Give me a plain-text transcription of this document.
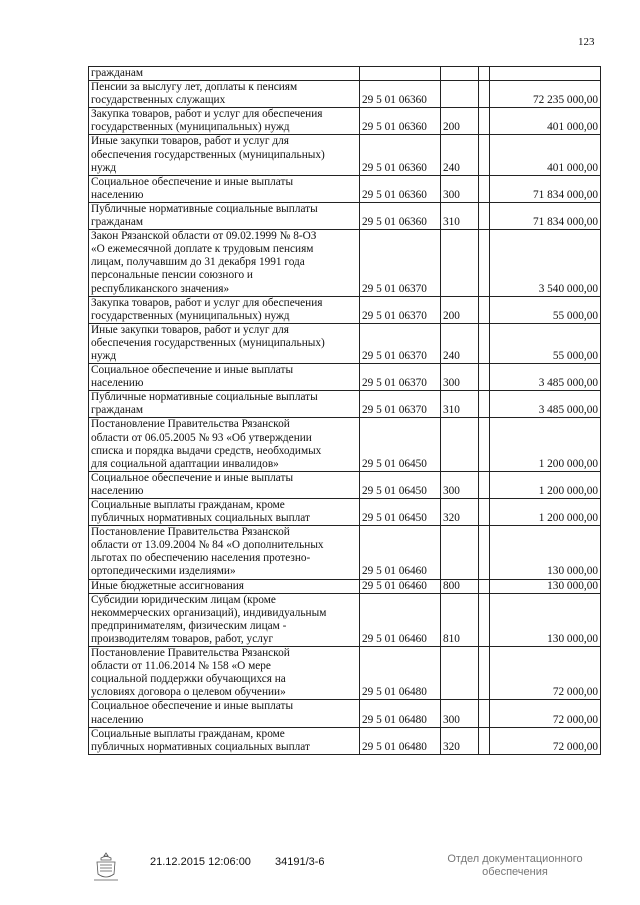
123
гражданам				
Пенсии за выслугу лет, доплаты к пенсиям
государственных служащих	29 5 01 06360			72 235 000,00
Закупка товаров, работ и услуг для обеспечения
государственных (муниципальных) нужд	29 5 01 06360	200		401 000,00
Иные закупки товаров, работ и услуг для
обеспечения государственных (муниципальных)
нужд	29 5 01 06360	240		401 000,00
Социальное обеспечение и иные выплаты
населению	29 5 01 06360	300		71 834 000,00
Публичные нормативные социальные выплаты
гражданам	29 5 01 06360	310		71 834 000,00
Закон Рязанской области от 09.02.1999 № 8-ОЗ
«О ежемесячной доплате к трудовым пенсиям
лицам, получавшим до 31 декабря 1991 года
персональные пенсии союзного и
республиканского значения»	29 5 01 06370			3 540 000,00
Закупка товаров, работ и услуг для обеспечения
государственных (муниципальных) нужд	29 5 01 06370	200		55 000,00
Иные закупки товаров, работ и услуг для
обеспечения государственных (муниципальных)
нужд	29 5 01 06370	240		55 000,00
Социальное обеспечение и иные выплаты
населению	29 5 01 06370	300		3 485 000,00
Публичные нормативные социальные выплаты
гражданам	29 5 01 06370	310		3 485 000,00
Постановление Правительства Рязанской
области от 06.05.2005 № 93 «Об утверждении
списка и порядка выдачи средств, необходимых
для социальной адаптации инвалидов»	29 5 01 06450			1 200 000,00
Социальное обеспечение и иные выплаты
населению	29 5 01 06450	300		1 200 000,00
Социальные выплаты гражданам, кроме
публичных нормативных социальных выплат	29 5 01 06450	320		1 200 000,00
Постановление Правительства Рязанской
области от 13.09.2004 № 84 «О дополнительных
льготах по обеспечению населения протезно-
ортопедическими изделиями»	29 5 01 06460			130 000,00
Иные бюджетные ассигнования	29 5 01 06460	800		130 000,00
Субсидии юридическим лицам (кроме
некоммерческих организаций), индивидуальным
предпринимателям, физическим лицам -
производителям товаров, работ, услуг	29 5 01 06460	810		130 000,00
Постановление Правительства Рязанской
области от 11.06.2014 № 158 «О мере
социальной поддержки обучающихся на
условиях договора о целевом обучении»	29 5 01 06480			72 000,00
Социальное обеспечение и иные выплаты
населению	29 5 01 06480	300		72 000,00
Социальные выплаты гражданам, кроме
публичных нормативных социальных выплат	29 5 01 06480	320		72 000,00
21.12.2015 12:06:00 34191/3-6	Отдел документационного
обеспечения
